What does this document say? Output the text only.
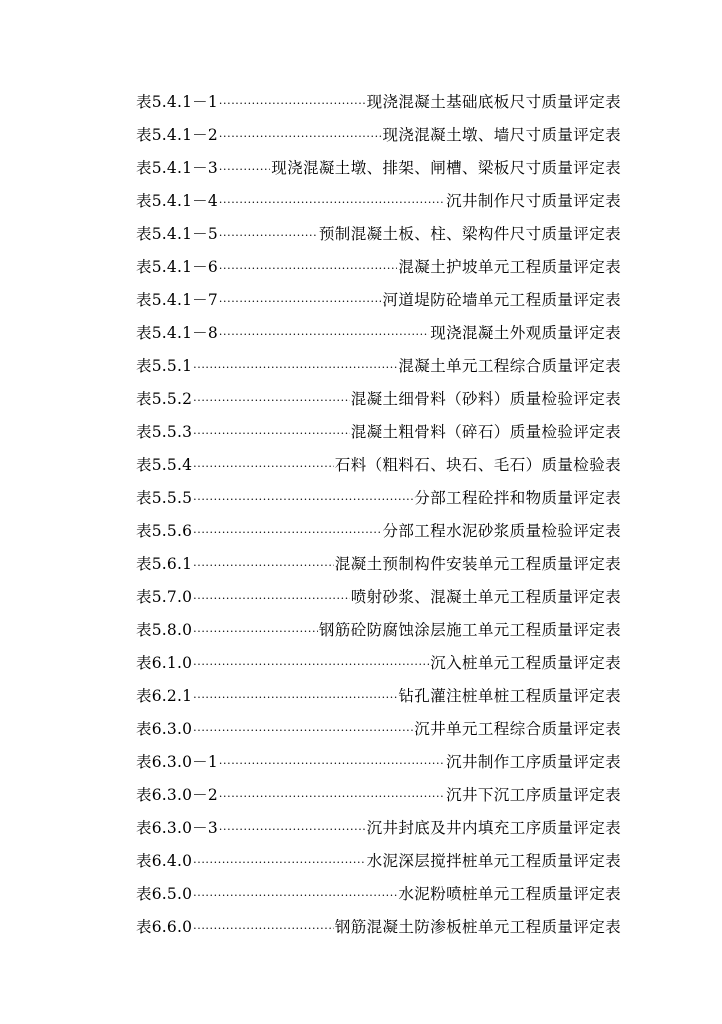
表5.4.1－1 ·····	现浇混凝土基础底板尺寸质量评定表
表5.4.1－2 ·····	现浇混凝土墩、墙尺寸质量评定表
表5.4.1－3 ·····	现浇混凝土墩、排架、闸槽、梁板尺寸质量评定表
表5.4.1－4 ·····	沉井制作尺寸质量评定表
表5.4.1－5 ·····	预制混凝土板、柱、梁构件尺寸质量评定表
表5.4.1－6 ·····	混凝土护坡单元工程质量评定表
表5.4.1－7 ·····	河道堤防砼墙单元工程质量评定表
表5.4.1－8 ·····	现浇混凝土外观质量评定表
表5.5.1 ·····	混凝土单元工程综合质量评定表
表5.5.2 ·····	混凝土细骨料（砂料）质量检验评定表
表5.5.3 ·····	混凝土粗骨料（碎石）质量检验评定表
表5.5.4 ·····	石料（粗料石、块石、毛石）质量检验表
表5.5.5 ·····	分部工程砼拌和物质量评定表
表5.5.6 ·····	分部工程水泥砂浆质量检验评定表
表5.6.1 ·····	混凝土预制构件安装单元工程质量评定表
表5.7.0 ·····	喷射砂浆、混凝土单元工程质量评定表
表5.8.0 ·····	钢筋砼防腐蚀涂层施工单元工程质量评定表
表6.1.0 ·····	沉入桩单元工程质量评定表
表6.2.1 ·····	钻孔灌注桩单桩工程质量评定表
表6.3.0 ·····	沉井单元工程综合质量评定表
表6.3.0－1 ·····	沉井制作工序质量评定表
表6.3.0－2 ·····	沉井下沉工序质量评定表
表6.3.0－3 ·····	沉井封底及井内填充工序质量评定表
表6.4.0 ·····	水泥深层搅拌桩单元工程质量评定表
表6.5.0 ·····	水泥粉喷桩单元工程质量评定表
表6.6.0 ·····	钢筋混凝土防渗板桩单元工程质量评定表
